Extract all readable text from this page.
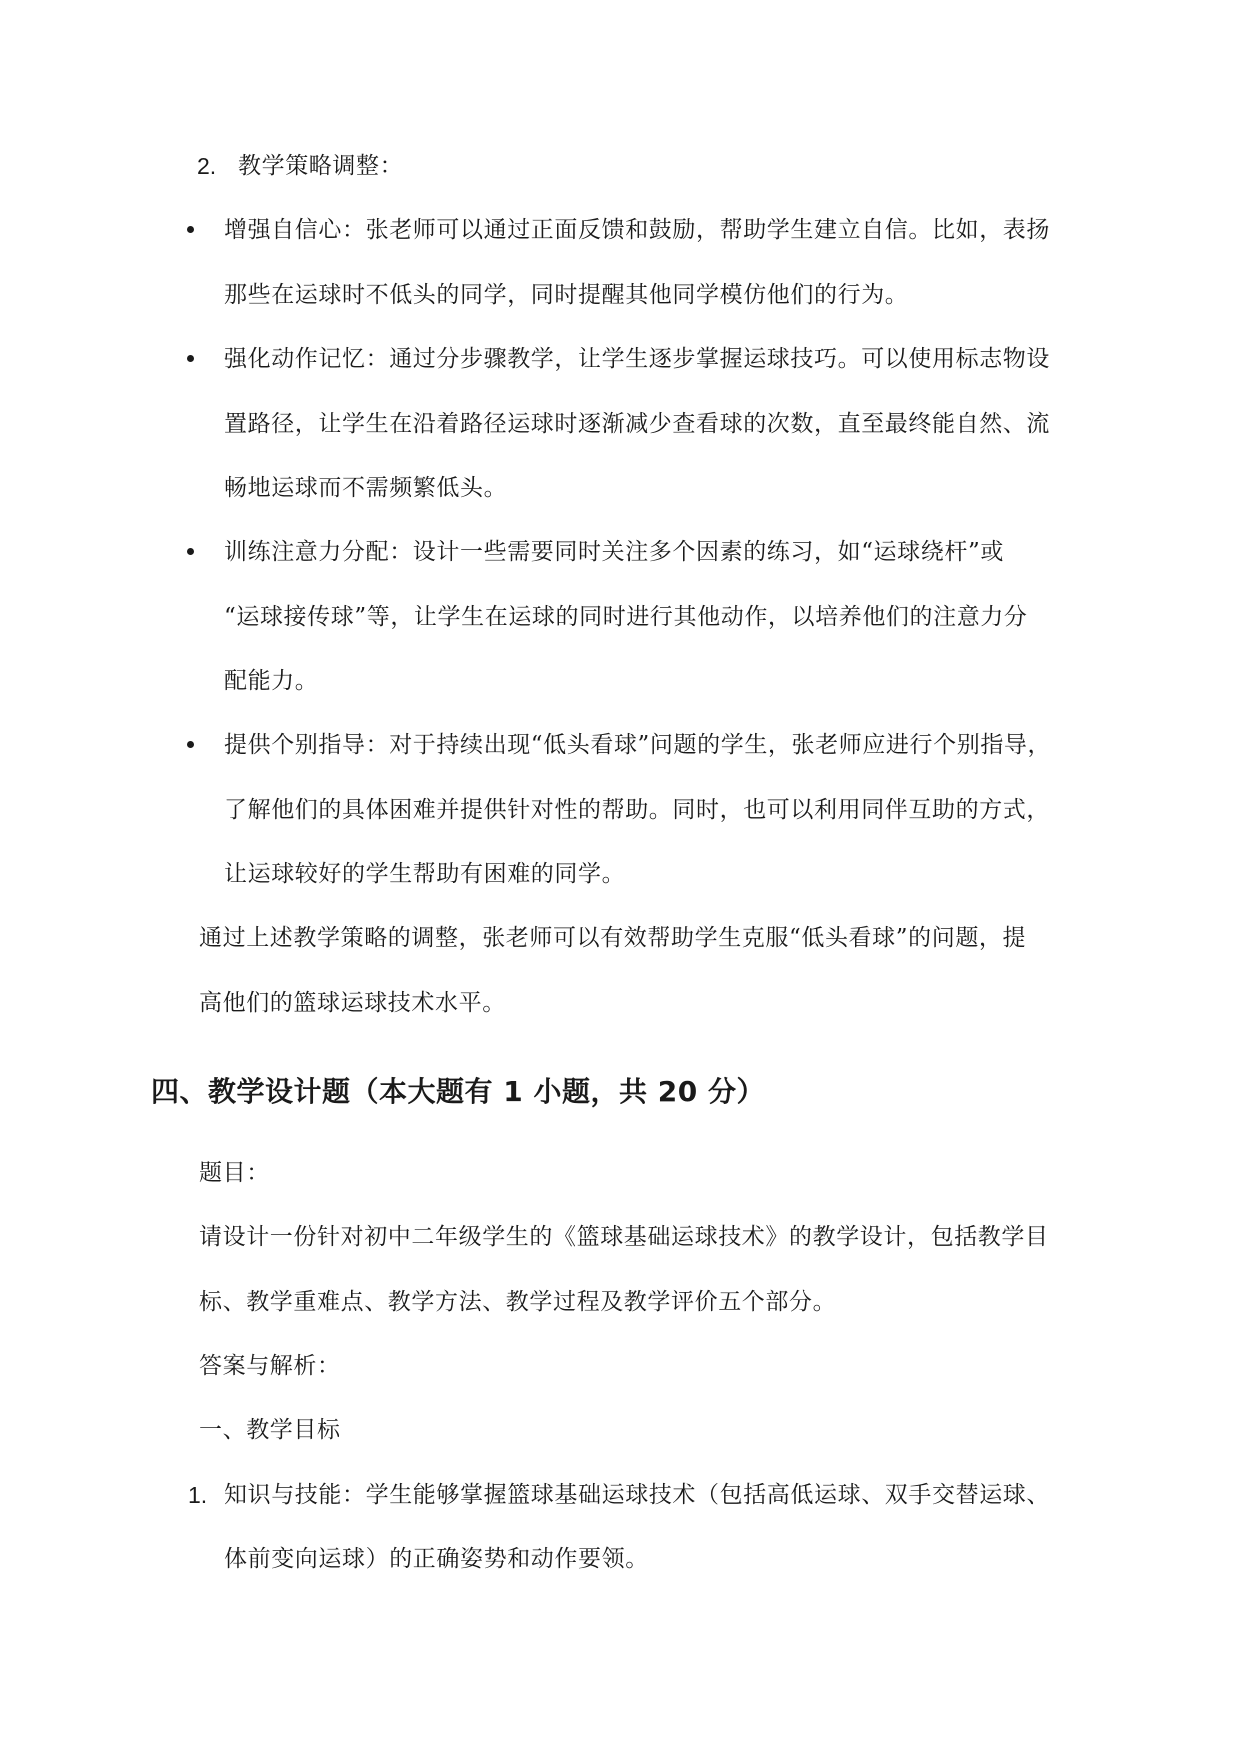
2. 教学策略调整：
增强自信心：张老师可以通过正面反馈和鼓励，帮助学生建立自信。比如，表扬
那些在运球时不低头的同学，同时提醒其他同学模仿他们的行为。
强化动作记忆：通过分步骤教学，让学生逐步掌握运球技巧。可以使用标志物设
置路径，让学生在沿着路径运球时逐渐减少查看球的次数，直至最终能自然、流
畅地运球而不需频繁低头。
训练注意力分配：设计一些需要同时关注多个因素的练习，如“运球绕杆”或
“运球接传球”等，让学生在运球的同时进行其他动作，以培养他们的注意力分
配能力。
提供个别指导：对于持续出现“低头看球”问题的学生，张老师应进行个别指导，
了解他们的具体困难并提供针对性的帮助。同时，也可以利用同伴互助的方式，
让运球较好的学生帮助有困难的同学。
通过上述教学策略的调整，张老师可以有效帮助学生克服“低头看球”的问题，提
高他们的篮球运球技术水平。
四、教学设计题（本大题有 1 小题，共 20 分）
题目：
请设计一份针对初中二年级学生的《篮球基础运球技术》的教学设计，包括教学目
标、教学重难点、教学方法、教学过程及教学评价五个部分。
答案与解析：
一、教学目标
1. 知识与技能：学生能够掌握篮球基础运球技术（包括高低运球、双手交替运球、
体前变向运球）的正确姿势和动作要领。
